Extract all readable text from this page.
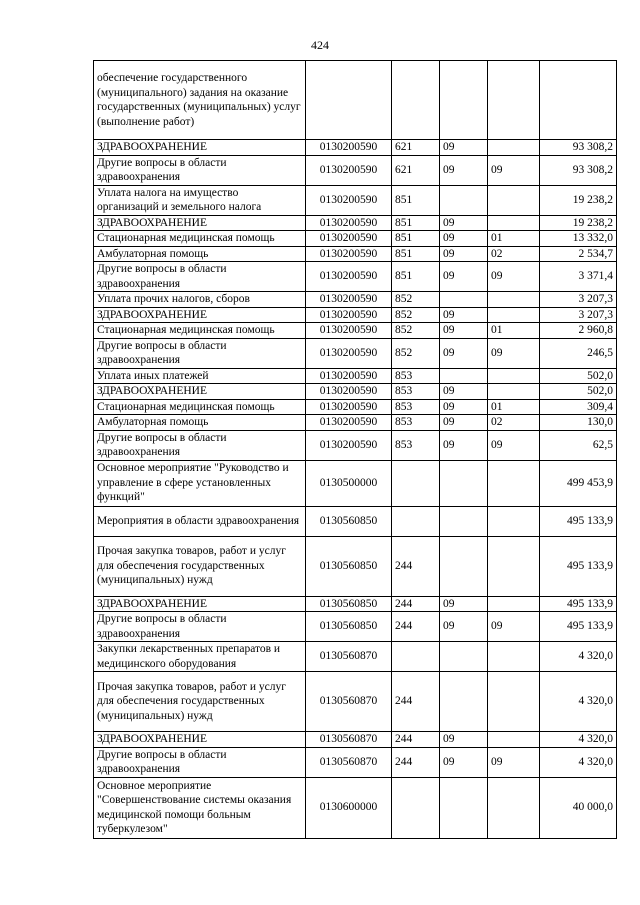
424
обеспечение государственного (муниципального) задания на оказание государственных (муниципальных) услуг (выполнение работ)					
ЗДРАВООХРАНЕНИЕ	0130200590	621	09		93 308,2
Другие вопросы в области здравоохранения	0130200590	621	09	09	93 308,2
Уплата налога на имущество организаций и земельного налога	0130200590	851			19 238,2
ЗДРАВООХРАНЕНИЕ	0130200590	851	09		19 238,2
Стационарная медицинская помощь	0130200590	851	09	01	13 332,0
Амбулаторная помощь	0130200590	851	09	02	2 534,7
Другие вопросы в области здравоохранения	0130200590	851	09	09	3 371,4
Уплата прочих налогов, сборов	0130200590	852			3 207,3
ЗДРАВООХРАНЕНИЕ	0130200590	852	09		3 207,3
Стационарная медицинская помощь	0130200590	852	09	01	2 960,8
Другие вопросы в области здравоохранения	0130200590	852	09	09	246,5
Уплата иных платежей	0130200590	853			502,0
ЗДРАВООХРАНЕНИЕ	0130200590	853	09		502,0
Стационарная медицинская помощь	0130200590	853	09	01	309,4
Амбулаторная помощь	0130200590	853	09	02	130,0
Другие вопросы в области здравоохранения	0130200590	853	09	09	62,5
Основное мероприятие "Руководство и управление в сфере установленных функций"	0130500000				499 453,9
Мероприятия в области здравоохранения	0130560850				495 133,9
Прочая закупка товаров, работ и услуг для обеспечения государственных (муниципальных) нужд	0130560850	244			495 133,9
ЗДРАВООХРАНЕНИЕ	0130560850	244	09		495 133,9
Другие вопросы в области здравоохранения	0130560850	244	09	09	495 133,9
Закупки лекарственных препаратов и медицинского оборудования	0130560870				4 320,0
Прочая закупка товаров, работ и услуг для обеспечения государственных (муниципальных) нужд	0130560870	244			4 320,0
ЗДРАВООХРАНЕНИЕ	0130560870	244	09		4 320,0
Другие вопросы в области здравоохранения	0130560870	244	09	09	4 320,0
Основное мероприятие "Совершенствование системы оказания медицинской помощи больным туберкулезом"	0130600000				40 000,0
